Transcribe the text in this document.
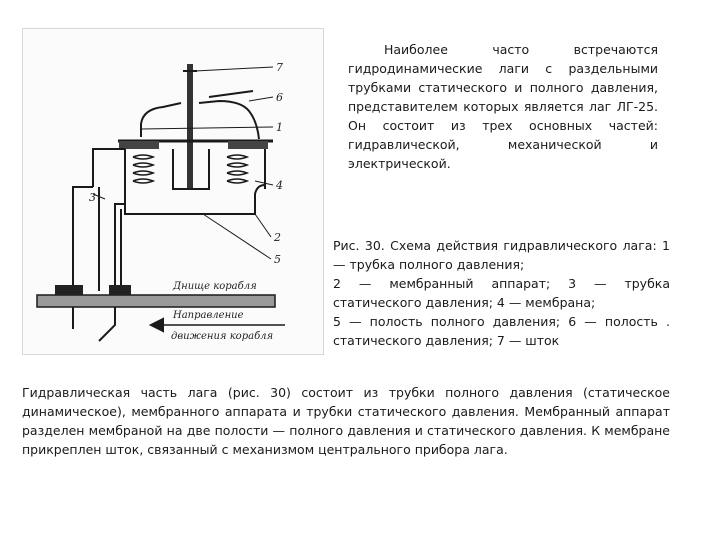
7
6
1
4
3
2
5
Днище корабля
Направление
движения корабля

Наиболее часто встречаются гидродинамические лаги с раздельными трубками статического и полного давления, представителем которых является лаг ЛГ-25. Он состоит из трех основных частей: гидравлической, механической и электрической.

Рис. 30. Схема действия гидравлического лага: 1 — трубка полного давления;
2 — мембранный аппарат; 3 — трубка статического давления; 4 — мембрана;
5 — полость полного давления; 6 — полость . статического давления; 7 — шток

Гидравлическая часть лага (рис. 30) состоит из трубки полного давления (статическое динамическое), мембранного аппарата и трубки статического давления. Мембранный аппарат разделен мембраной на две полости — полного давления и статического давления. К мембране прикреплен шток, связанный с механизмом центрального прибора лага.
